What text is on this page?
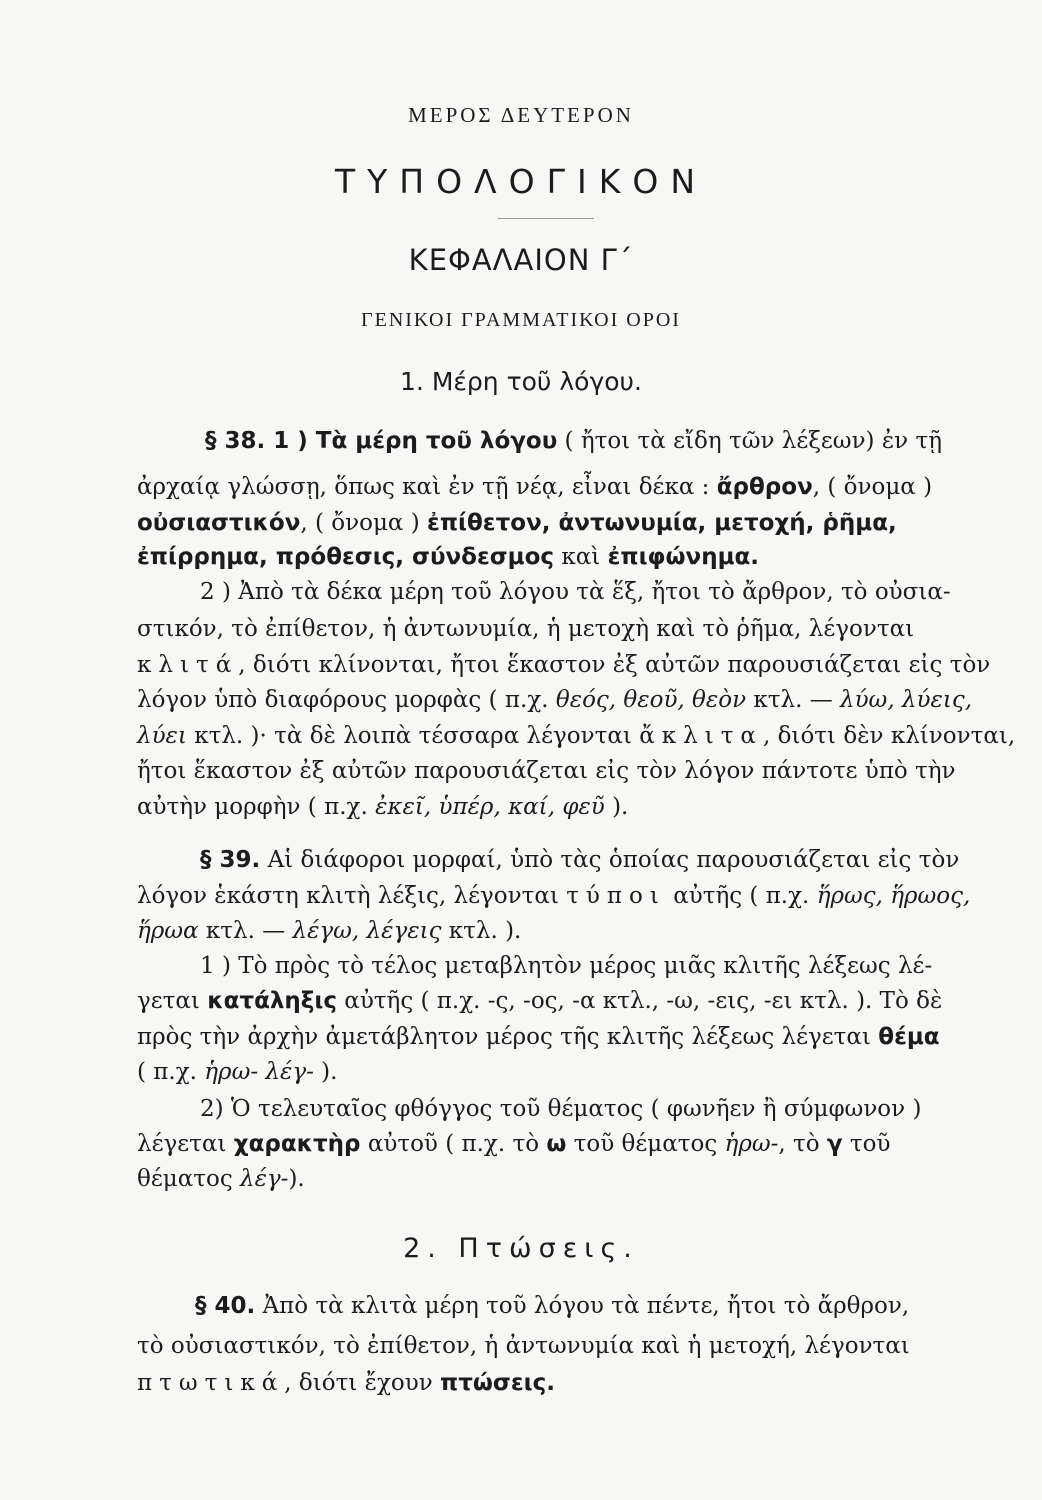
ΜΕΡΟΣ ΔΕΥΤΕΡΟΝ
ΤΥΠΟΛΟΓΙΚΟΝ
ΚΕΦΑΛΑΙΟΝ Γ΄
ΓΕΝΙΚΟΙ ΓΡΑΜΜΑΤΙΚΟΙ ΟΡΟΙ
1. Μέρη τοῦ λόγου.
§ 38. 1 ) Τὰ μέρη τοῦ λόγου ( ἤτοι τὰ εἴδη τῶν λέξεων) ἐν τῇ
ἀρχαίᾳ γλώσσῃ, ὅπως καὶ ἐν τῇ νέᾳ, εἶναι δέκα : ἄρθρον, ( ὄνομα )
οὐσιαστικόν, ( ὄνομα ) ἐπίθετον, ἀντωνυμία, μετοχή, ῥῆμα,
ἐπίρρημα, πρόθεσις, σύνδεσμος καὶ ἐπιφώνημα.
2 ) Ἀπὸ τὰ δέκα μέρη τοῦ λόγου τὰ ἕξ, ἤτοι τὸ ἄρθρον, τὸ οὐσια-
στικόν, τὸ ἐπίθετον, ἡ ἀντωνυμία, ἡ μετοχὴ καὶ τὸ ῥῆμα, λέγονται
κλιτά, διότι κλίνονται, ἤτοι ἕκαστον ἐξ αὐτῶν παρουσιάζεται εἰς τὸν
λόγον ὑπὸ διαφόρους μορφὰς ( π.χ. θεός, θεοῦ, θεὸν κτλ. — λύω, λύεις,
λύει κτλ. )· τὰ δὲ λοιπὰ τέσσαρα λέγονται ἄκλιτα, διότι δὲν κλίνονται,
ἤτοι ἕκαστον ἐξ αὐτῶν παρουσιάζεται εἰς τὸν λόγον πάντοτε ὑπὸ τὴν
αὐτὴν μορφὴν ( π.χ. ἐκεῖ, ὑπέρ, καί, φεῦ ).
§ 39. Αἱ διάφοροι μορφαί, ὑπὸ τὰς ὁποίας παρουσιάζεται εἰς τὸν
λόγον ἑκάστη κλιτὴ λέξις, λέγονται τύποι αὐτῆς ( π.χ. ἥρως, ἥρωος,
ἥρωα κτλ. — λέγω, λέγεις κτλ. ).
1 ) Τὸ πρὸς τὸ τέλος μεταβλητὸν μέρος μιᾶς κλιτῆς λέξεως λέ-
γεται κατάληξις αὐτῆς ( π.χ. -ς, -ος, -α κτλ., -ω, -εις, -ει κτλ. ). Τὸ δὲ
πρὸς τὴν ἀρχὴν ἀμετάβλητον μέρος τῆς κλιτῆς λέξεως λέγεται θέμα
( π.χ. ἡρω- λέγ- ).
2) Ὁ τελευταῖος φθόγγος τοῦ θέματος ( φωνῆεν ἢ σύμφωνον )
λέγεται χαρακτὴρ αὐτοῦ ( π.χ. τὸ ω τοῦ θέματος ἡρω-, τὸ γ τοῦ
θέματος λέγ-).
2. Πτώσεις.
§ 40. Ἀπὸ τὰ κλιτὰ μέρη τοῦ λόγου τὰ πέντε, ἤτοι τὸ ἄρθρον,
τὸ οὐσιαστικόν, τὸ ἐπίθετον, ἡ ἀντωνυμία καὶ ἡ μετοχή, λέγονται
πτωτικά, διότι ἔχουν πτώσεις.
